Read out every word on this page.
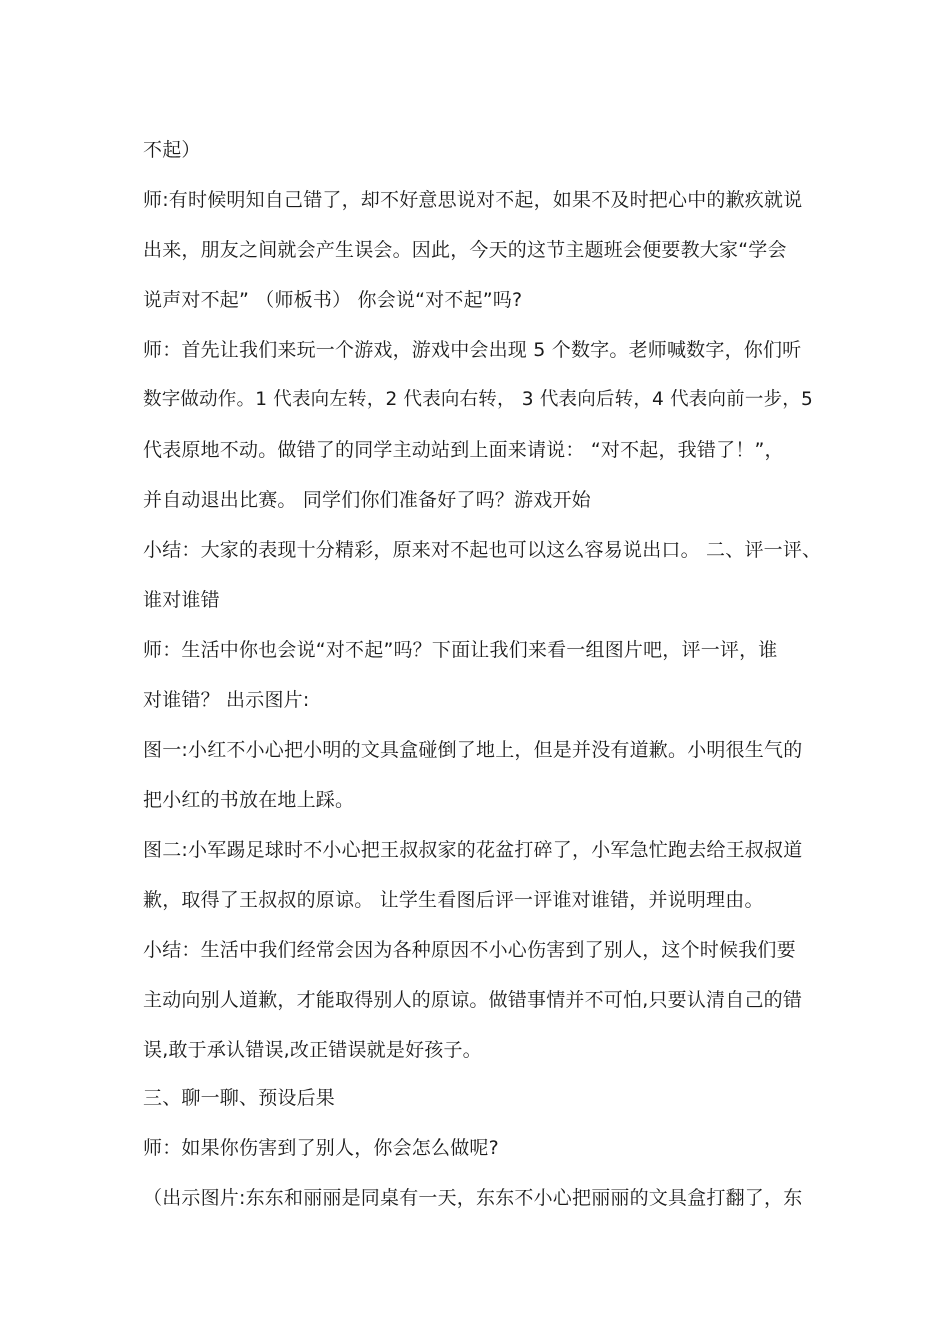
不起）
师:有时候明知自己错了，却不好意思说对不起，如果不及时把心中的歉疚就说
出来，朋友之间就会产生误会。因此，今天的这节主题班会便要教大家“学会
说声对不起” （师板书） 你会说“对不起”吗?
师：首先让我们来玩一个游戏，游戏中会出现 5 个数字。老师喊数字，你们听
数字做动作。1 代表向左转，2 代表向右转， 3 代表向后转，4 代表向前一步，5
代表原地不动。做错了的同学主动站到上面来请说： “对不起，我错了！”，
并自动退出比赛。 同学们你们准备好了吗？游戏开始
小结：大家的表现十分精彩，原来对不起也可以这么容易说出口。 二、评一评、
谁对谁错
师：生活中你也会说“对不起”吗？下面让我们来看一组图片吧，评一评，谁
对谁错？ 出示图片:
图一:小红不小心把小明的文具盒碰倒了地上，但是并没有道歉。小明很生气的
把小红的书放在地上踩。
图二:小军踢足球时不小心把王叔叔家的花盆打碎了，小军急忙跑去给王叔叔道
歉，取得了王叔叔的原谅。 让学生看图后评一评谁对谁错，并说明理由。
小结：生活中我们经常会因为各种原因不小心伤害到了别人，这个时候我们要
主动向别人道歉，才能取得别人的原谅。做错事情并不可怕,只要认清自己的错
误,敢于承认错误,改正错误就是好孩子。
三、聊一聊、预设后果
师：如果你伤害到了别人，你会怎么做呢?
（出示图片:东东和丽丽是同桌有一天，东东不小心把丽丽的文具盒打翻了，东
